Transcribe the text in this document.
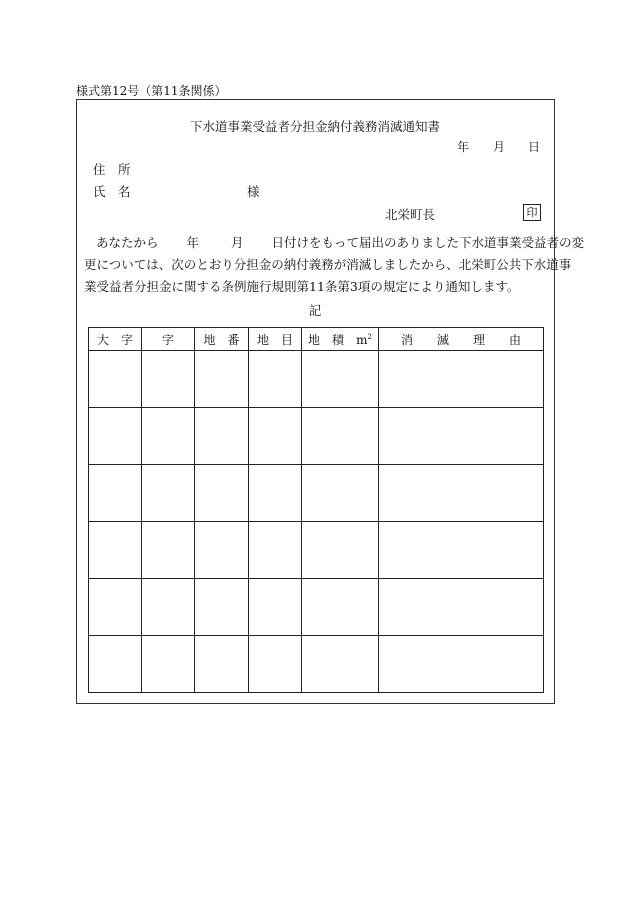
様式第12号（第11条関係）
下水道事業受益者分担金納付義務消滅通知書
年 月 日
住　所
氏　名	様
北栄町長	印
あなたから 年	月 日付けをもって届出のありました下水道事業受益者の変
更については、次のとおり分担金の納付義務が消滅しましたから、北栄町公共下水道事
業受益者分担金に関する条例施行規則第11条第3項の規定により通知します。
記
大　字	字	地　番	地　目	地　積　 $m^2$	消　　滅　　理　　由
